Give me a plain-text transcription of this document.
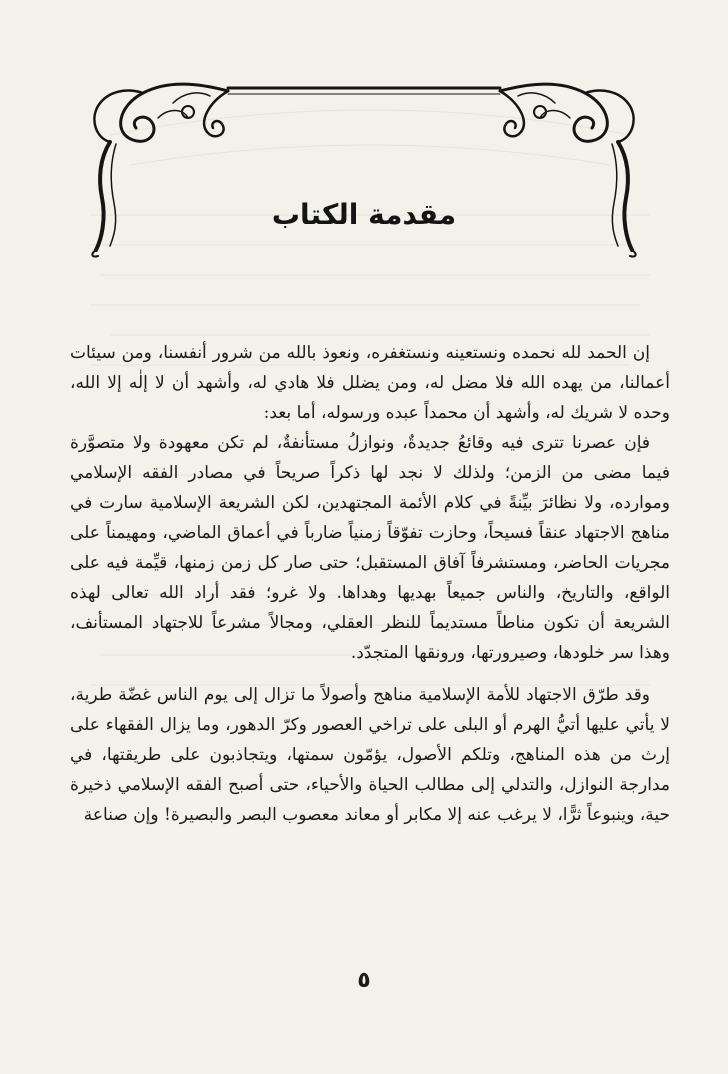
مقدمة الكتاب

إن الحمد لله نحمده ونستعينه ونستغفره، ونعوذ بالله من شرور أنفسنا، ومن سيئات أعمالنا، من يهده الله فلا مضل له، ومن يضلل فلا هادي له، وأشهد أن لا إلٰه إلا الله، وحده لا شريك له، وأشهد أن محمداً عبده ورسوله، أما بعد:

فإن عصرنا تترى فيه وقائعُ جديدةٌ، ونوازلُ مستأنفةٌ، لم تكن معهودة ولا متصوَّرة فيما مضى من الزمن؛ ولذلك لا نجد لها ذكراً صريحاً في مصادر الفقه الإسلامي وموارده، ولا نظائرَ بيِّنةً في كلام الأئمة المجتهدين، لكن الشريعة الإسلامية سارت في مناهج الاجتهاد عنقاً فسيحاً، وحازت تفوّقاً زمنياً ضارباً في أعماق الماضي، ومهيمناً على مجريات الحاضر، ومستشرفاً آفاق المستقبل؛ حتى صار كل زمن زمنها، قيِّمة فيه على الواقع، والتاريخ، والناس جميعاً بهديها وهداها. ولا غرو؛ فقد أراد الله تعالى لهذه الشريعة أن تكون مناطاً مستديماً للنظر العقلي، ومجالاً مشرعاً للاجتهاد المستأنف، وهذا سر خلودها، وصيرورتها، ورونقها المتجدّد.

وقد طرّق الاجتهاد للأمة الإسلامية مناهج وأصولاً ما تزال إلى يوم الناس غضّة طرية، لا يأتي عليها أتيُّ الهرم أو البلى على تراخي العصور وكرّ الدهور، وما يزال الفقهاء على إرث من هذه المناهج، وتلكم الأصول، يؤمّون سمتها، ويتجاذبون على طريقتها، في مدارجة النوازل، والتدلي إلى مطالب الحياة والأحياء، حتى أصبح الفقه الإسلامي ذخيرة حية، وينبوعاً ثرًّا، لا يرغب عنه إلا مكابر أو معاند معصوب البصر والبصيرة! وإن صناعة

٥
